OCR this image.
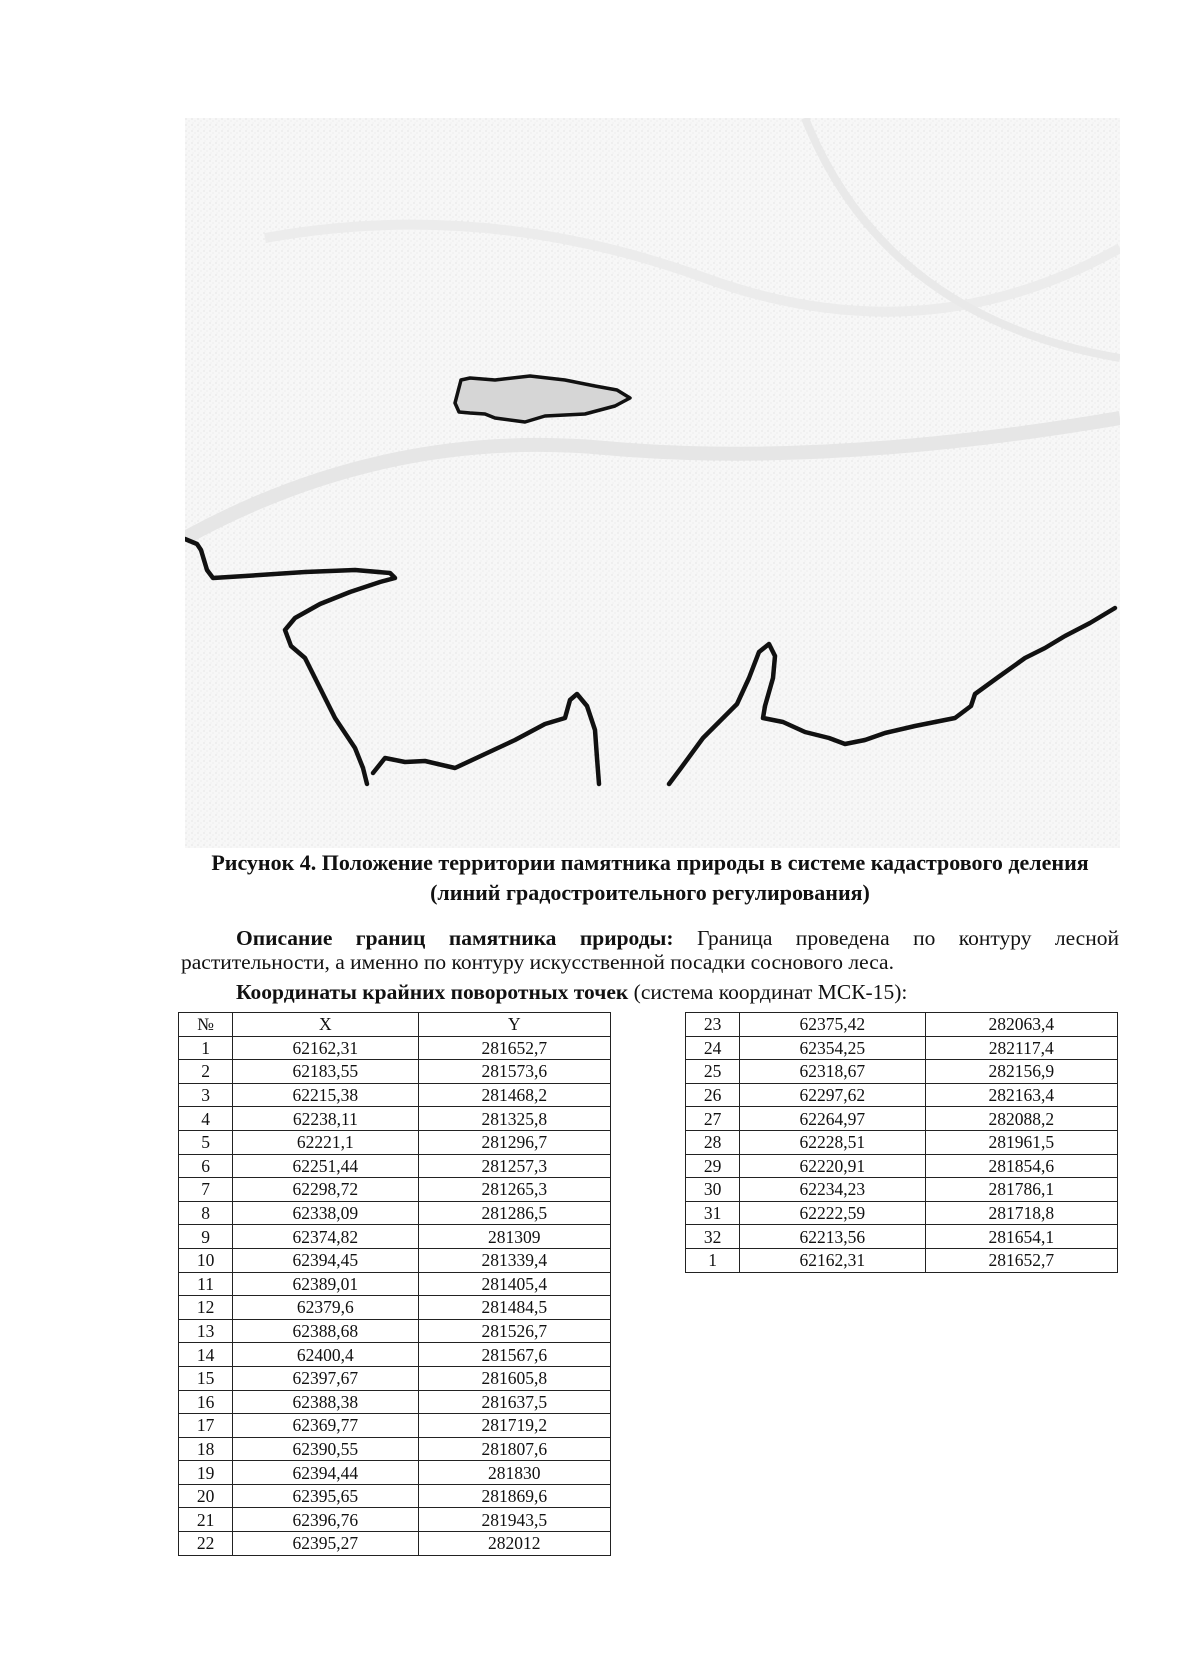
Рисунок 4. Положение территории памятника природы в системе кадастрового деления (линий градостроительного регулирования)
Описание границ памятника природы: Граница проведена по контуру лесной растительности, а именно по контуру искусственной посадки соснового леса.
Координаты крайних поворотных точек (система координат МСК-15):
№	X	Y
1	62162,31	281652,7
2	62183,55	281573,6
3	62215,38	281468,2
4	62238,11	281325,8
5	62221,1	281296,7
6	62251,44	281257,3
7	62298,72	281265,3
8	62338,09	281286,5
9	62374,82	281309
10	62394,45	281339,4
11	62389,01	281405,4
12	62379,6	281484,5
13	62388,68	281526,7
14	62400,4	281567,6
15	62397,67	281605,8
16	62388,38	281637,5
17	62369,77	281719,2
18	62390,55	281807,6
19	62394,44	281830
20	62395,65	281869,6
21	62396,76	281943,5
22	62395,27	282012
23	62375,42	282063,4
24	62354,25	282117,4
25	62318,67	282156,9
26	62297,62	282163,4
27	62264,97	282088,2
28	62228,51	281961,5
29	62220,91	281854,6
30	62234,23	281786,1
31	62222,59	281718,8
32	62213,56	281654,1
1	62162,31	281652,7
